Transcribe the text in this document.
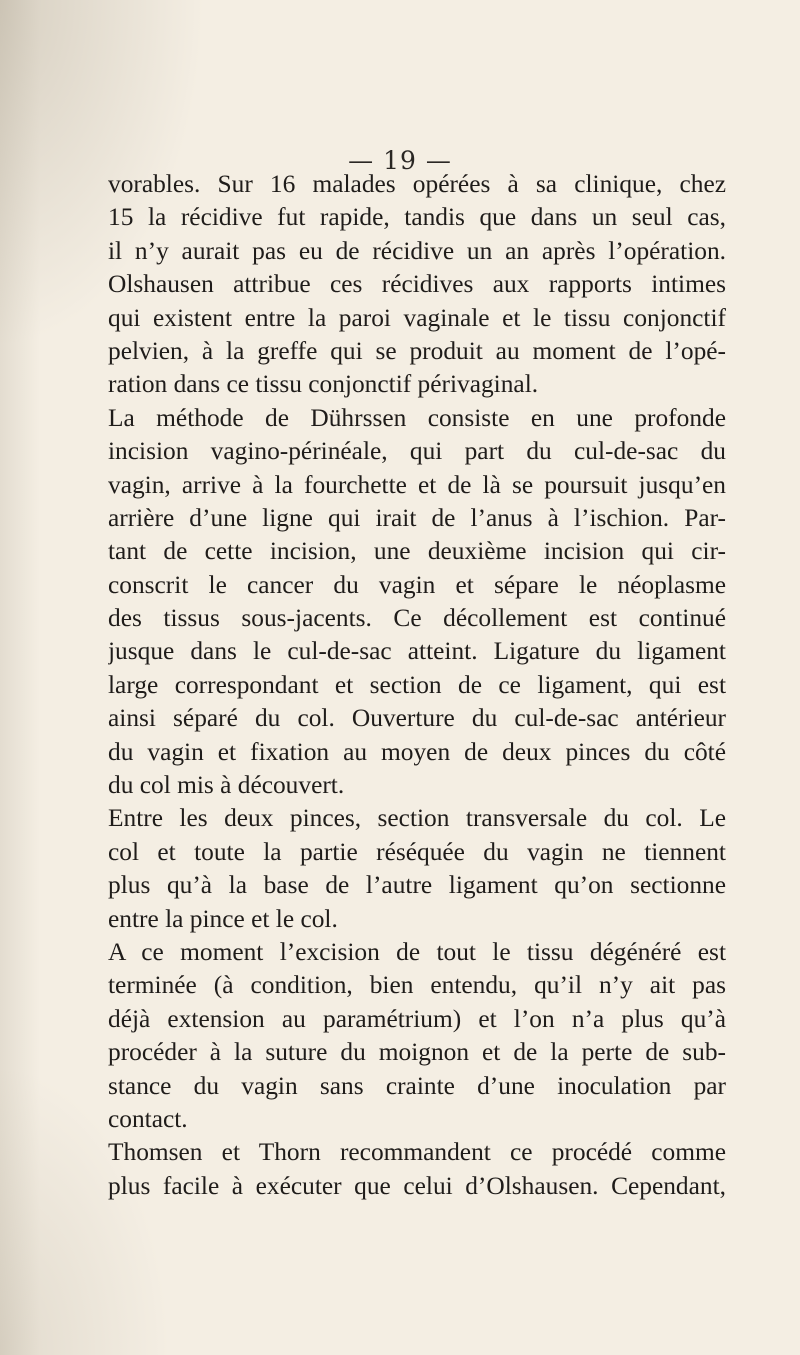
— 19 —
vorables. Sur 16 malades opérées à sa clinique, chez
15 la récidive fut rapide, tandis que dans un seul cas,
il n’y aurait pas eu de récidive un an après l’opération.
Olshausen attribue ces récidives aux rapports intimes
qui existent entre la paroi vaginale et le tissu conjonctif
pelvien, à la greffe qui se produit au moment de l’opé-
ration dans ce tissu conjonctif périvaginal.
La méthode de Dührssen consiste en une profonde
incision vagino-périnéale, qui part du cul-de-sac du
vagin, arrive à la fourchette et de là se poursuit jusqu’en
arrière d’une ligne qui irait de l’anus à l’ischion. Par-
tant de cette incision, une deuxième incision qui cir-
conscrit le cancer du vagin et sépare le néoplasme
des tissus sous-jacents. Ce décollement est continué
jusque dans le cul-de-sac atteint. Ligature du ligament
large correspondant et section de ce ligament, qui est
ainsi séparé du col. Ouverture du cul-de-sac antérieur
du vagin et fixation au moyen de deux pinces du côté
du col mis à découvert.
Entre les deux pinces, section transversale du col. Le
col et toute la partie réséquée du vagin ne tiennent
plus qu’à la base de l’autre ligament qu’on sectionne
entre la pince et le col.
A ce moment l’excision de tout le tissu dégénéré est
terminée (à condition, bien entendu, qu’il n’y ait pas
déjà extension au paramétrium) et l’on n’a plus qu’à
procéder à la suture du moignon et de la perte de sub-
stance du vagin sans crainte d’une inoculation par
contact.
Thomsen et Thorn recommandent ce procédé comme
plus facile à exécuter que celui d’Olshausen. Cependant,
